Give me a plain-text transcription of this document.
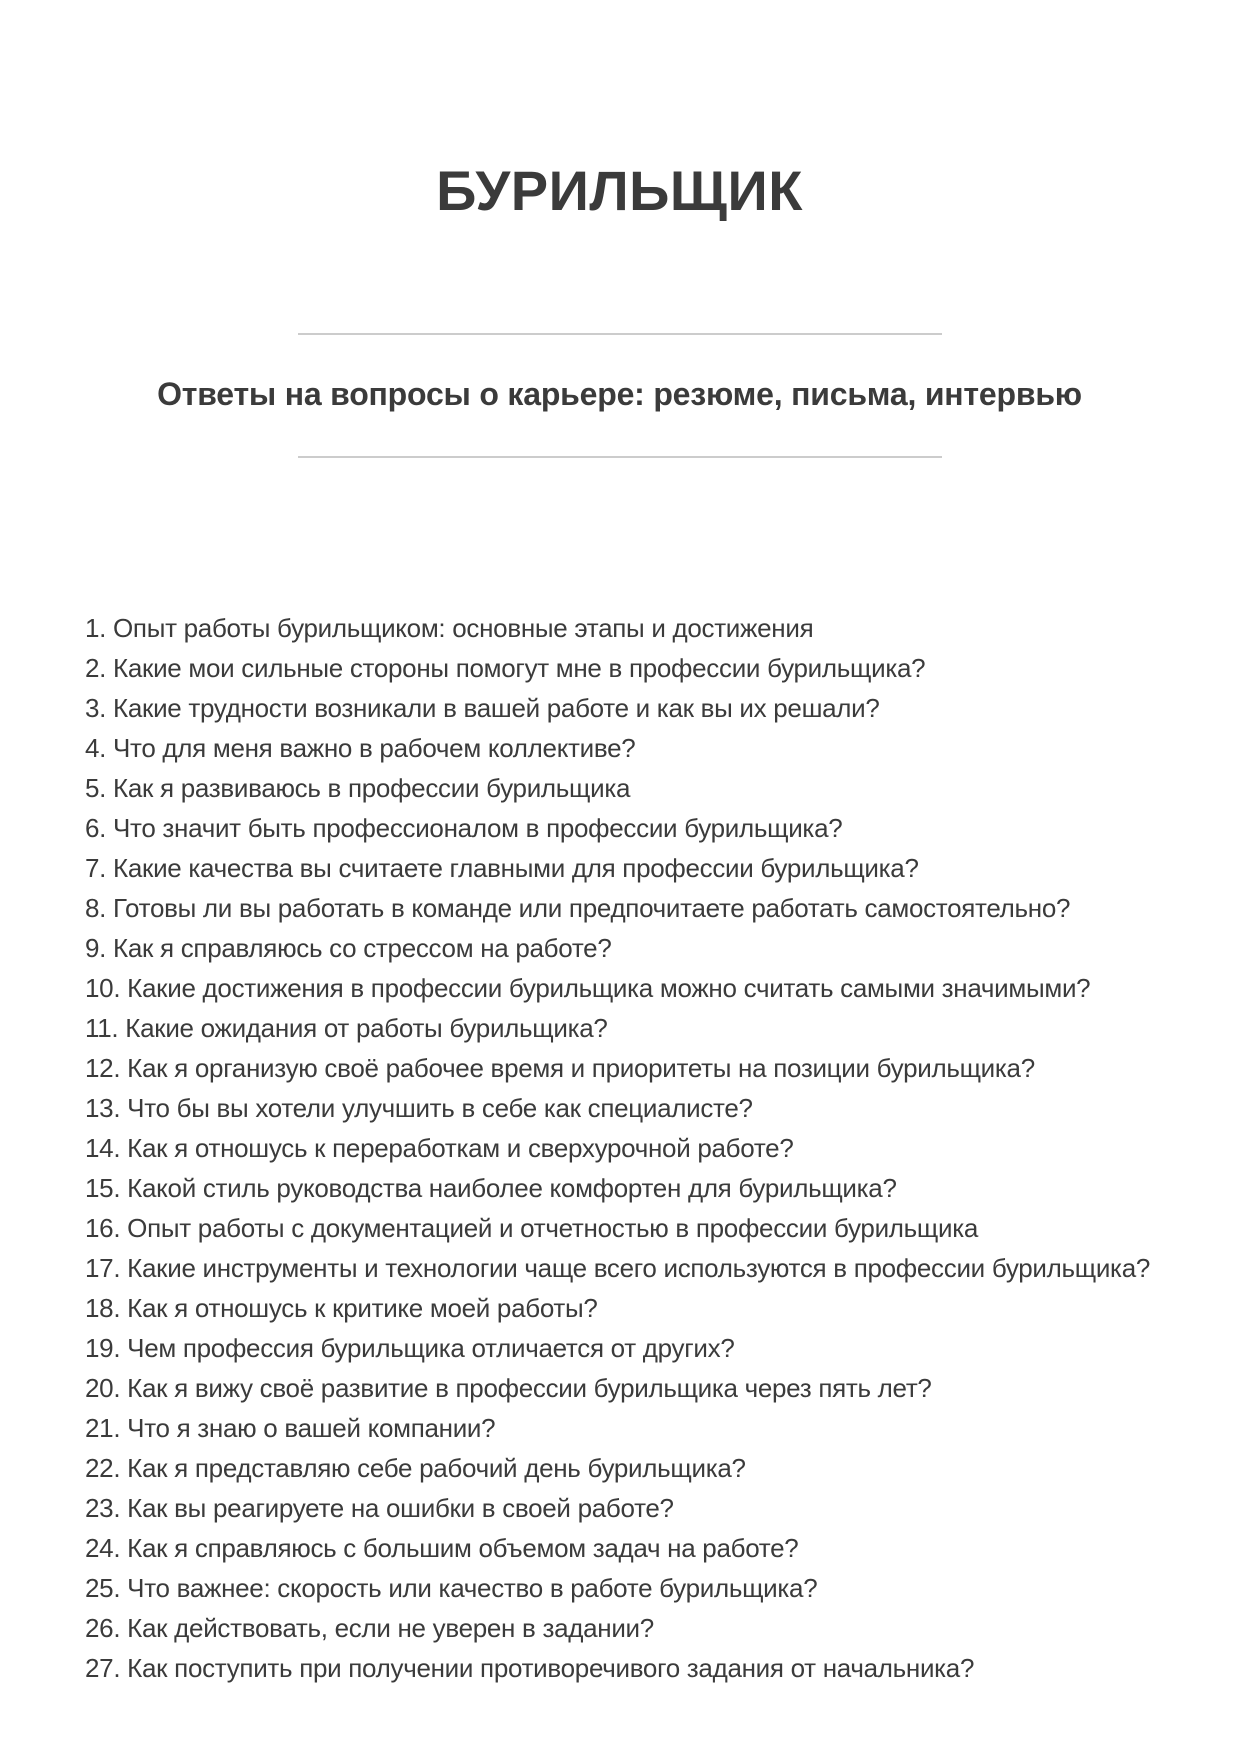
БУРИЛЬЩИК
Ответы на вопросы о карьере: резюме, письма, интервью
1. Опыт работы бурильщиком: основные этапы и достижения
2. Какие мои сильные стороны помогут мне в профессии бурильщика?
3. Какие трудности возникали в вашей работе и как вы их решали?
4. Что для меня важно в рабочем коллективе?
5. Как я развиваюсь в профессии бурильщика
6. Что значит быть профессионалом в профессии бурильщика?
7. Какие качества вы считаете главными для профессии бурильщика?
8. Готовы ли вы работать в команде или предпочитаете работать самостоятельно?
9. Как я справляюсь со стрессом на работе?
10. Какие достижения в профессии бурильщика можно считать самыми значимыми?
11. Какие ожидания от работы бурильщика?
12. Как я организую своё рабочее время и приоритеты на позиции бурильщика?
13. Что бы вы хотели улучшить в себе как специалисте?
14. Как я отношусь к переработкам и сверхурочной работе?
15. Какой стиль руководства наиболее комфортен для бурильщика?
16. Опыт работы с документацией и отчетностью в профессии бурильщика
17. Какие инструменты и технологии чаще всего используются в профессии бурильщика?
18. Как я отношусь к критике моей работы?
19. Чем профессия бурильщика отличается от других?
20. Как я вижу своё развитие в профессии бурильщика через пять лет?
21. Что я знаю о вашей компании?
22. Как я представляю себе рабочий день бурильщика?
23. Как вы реагируете на ошибки в своей работе?
24. Как я справляюсь с большим объемом задач на работе?
25. Что важнее: скорость или качество в работе бурильщика?
26. Как действовать, если не уверен в задании?
27. Как поступить при получении противоречивого задания от начальника?
